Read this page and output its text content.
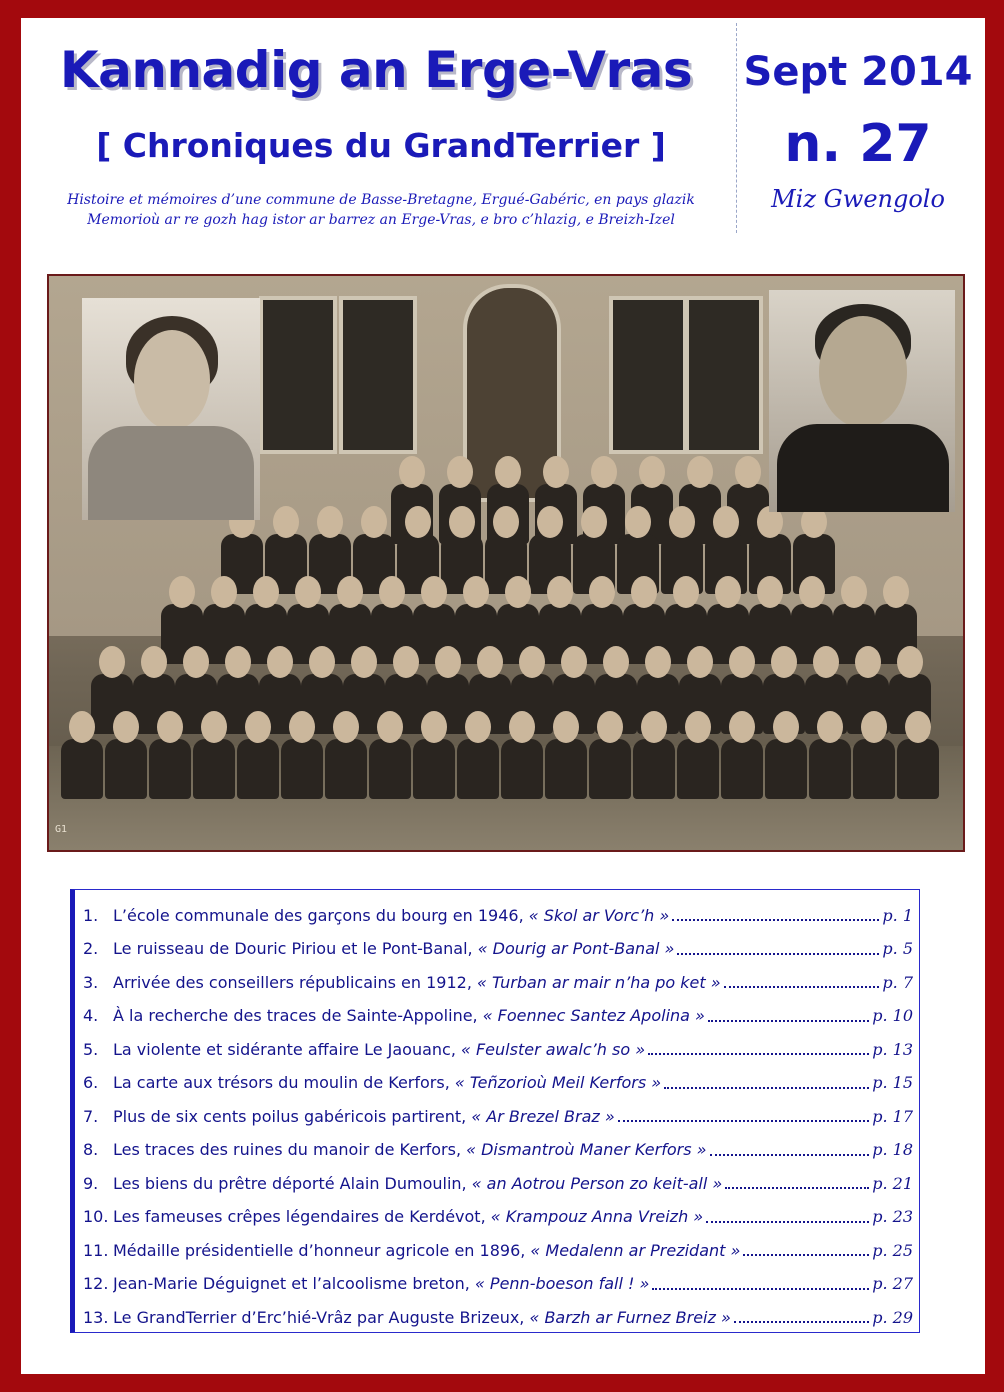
Kannadig an Erge-Vras
[ Chroniques du GrandTerrier ]
Histoire et mémoires d’une commune de Basse-Bretagne, Ergué-Gabéric, en pays glazik
Memorioù ar re gozh hag istor ar barrez an Erge-Vras, e bro c’hlazig, e Breizh-Izel
Sept 2014
n. 27
Miz Gwengolo
G1
1. L’école communale des garçons du bourg en 1946, « Skol ar Vorc’h »	p. 1
2. Le ruisseau de Douric Piriou et le Pont-Banal, « Dourig ar Pont-Banal »	p. 5
3. Arrivée des conseillers républicains en 1912, « Turban ar mair n’ha po ket »	p. 7
4. À la recherche des traces de Sainte-Appoline, « Foennec Santez Apolina »	p. 10
5. La violente et sidérante affaire Le Jaouanc, « Feulster awalc’h so »	p. 13
6. La carte aux trésors du moulin de Kerfors, « Teñzorioù Meil Kerfors »	p. 15
7. Plus de six cents poilus gabéricois partirent, « Ar Brezel Braz »	p. 17
8. Les traces des ruines du manoir de Kerfors, « Dismantroù Maner Kerfors »	p. 18
9. Les biens du prêtre déporté Alain Dumoulin, « an Aotrou Person zo keit-all »	p. 21
10. Les fameuses crêpes légendaires de Kerdévot, « Krampouz Anna Vreizh »	p. 23
11. Médaille présidentielle d’honneur agricole en 1896, « Medalenn ar Prezidant »	p. 25
12. Jean-Marie Déguignet et l’alcoolisme breton, « Penn-boeson fall ! »	p. 27
13. Le GrandTerrier d’Erc’hié-Vrâz par Auguste Brizeux, « Barzh ar Furnez Breiz »	p. 29
